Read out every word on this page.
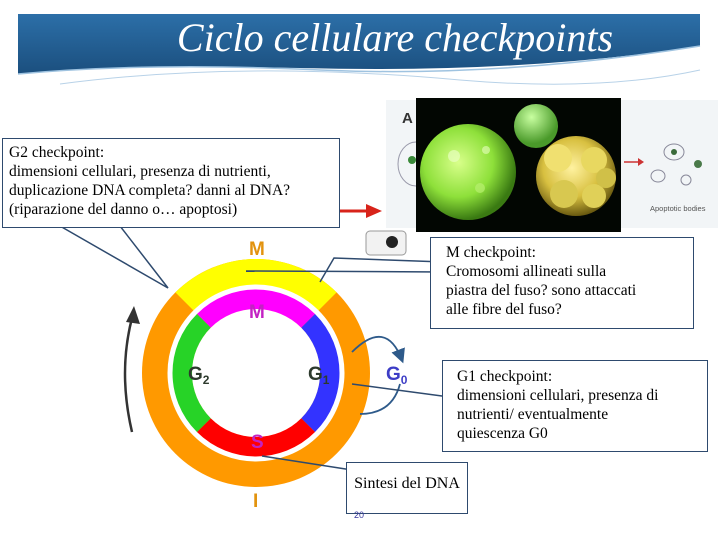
Ciclo cellulare checkpoints
A
Apoptotic bodies
M
M
$G_2$	$G_1$	$G_0$
S
I
G2 checkpoint:
dimensioni cellulari, presenza di nutrienti,
duplicazione DNA completa? danni al DNA?
(riparazione del danno o… apoptosi)
M checkpoint:
Cromosomi allineati sulla
piastra del fuso? sono attaccati
alle fibre del fuso?
G1 checkpoint:
dimensioni cellulari, presenza di
nutrienti/ eventualmente
quiescenza G0
Sintesi del DNA
20
